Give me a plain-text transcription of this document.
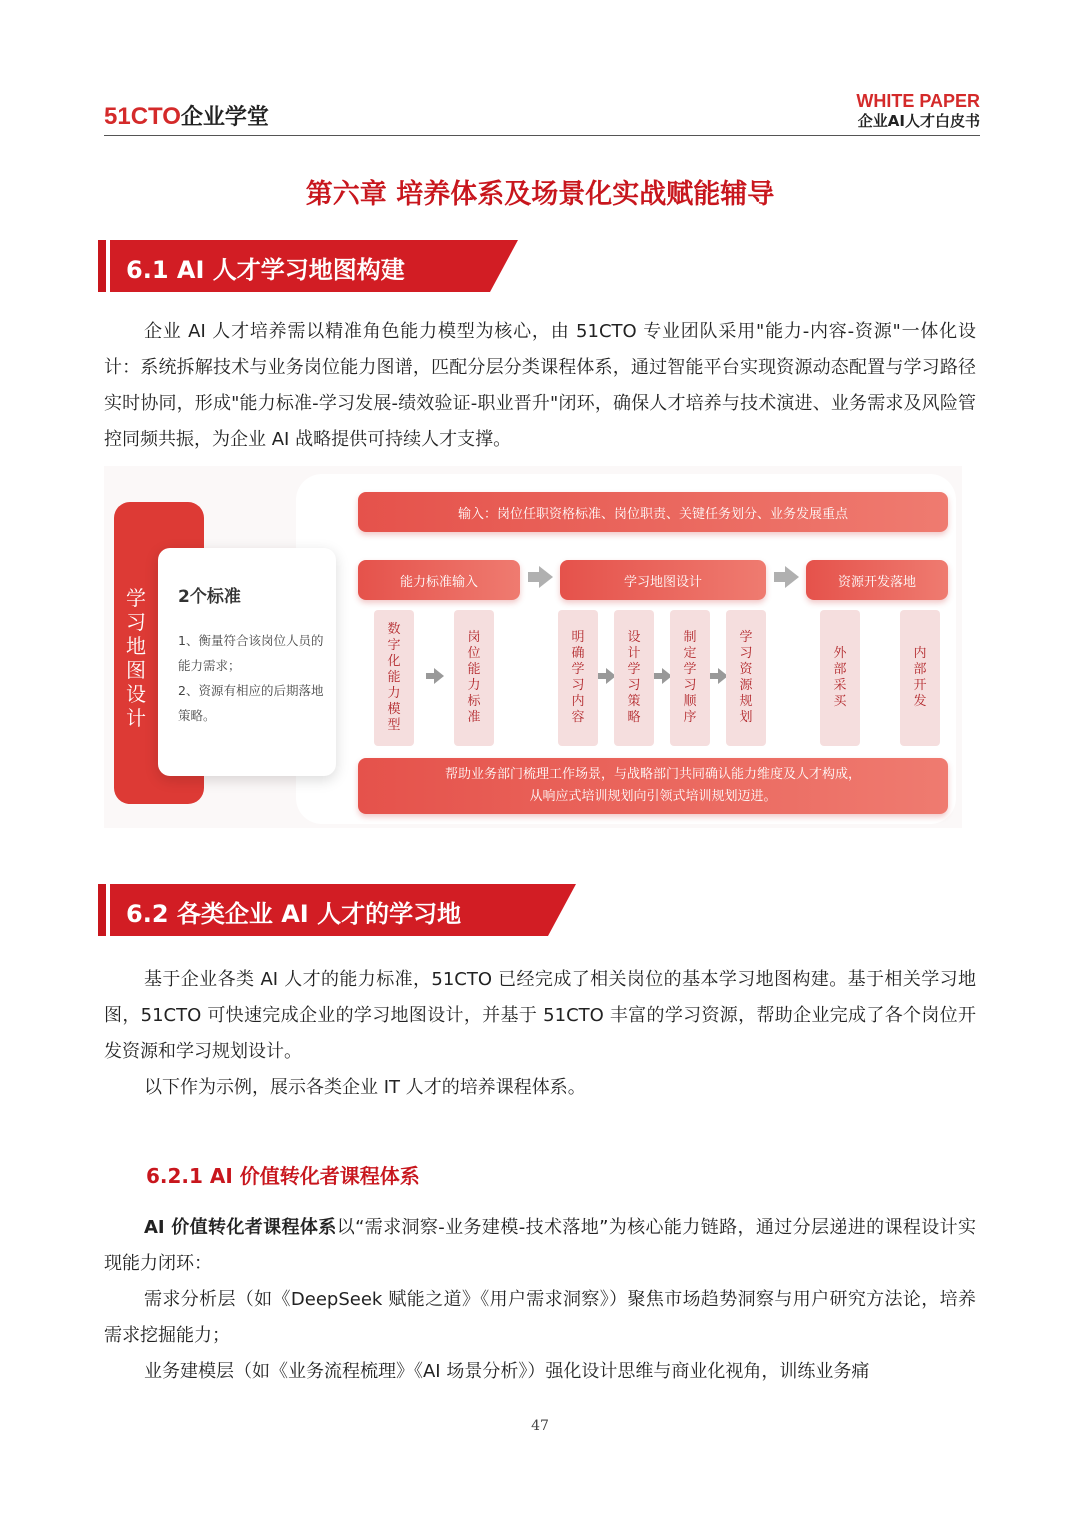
51CTO企业学堂
WHITE PAPER
企业AI人才白皮书
第六章 培养体系及场景化实战赋能辅导
6.1 AI 人才学习地图构建

企业 AI 人才培养需以精准角色能力模型为核心，由 51CTO 专业团队采用"能力-内容-资源"一体化设计：系统拆解技术与业务岗位能力图谱，匹配分层分类课程体系，通过智能平台实现资源动态配置与学习路径实时协同，形成"能力标准-学习发展-绩效验证-职业晋升"闭环，确保人才培养与技术演进、业务需求及风险管控同频共振，为企业 AI 战略提供可持续人才支撑。

学习地图设计
2个标准
1、衡量符合该岗位人员的能力需求；
2、资源有相应的后期落地策略。
输入：岗位任职资格标准、岗位职责、关键任务划分、业务发展重点
能力标准输入	学习地图设计	资源开发落地
数字化能力模型
岗位能力标准
明确学习内容
设计学习策略
制定学习顺序
学习资源规划
外部采买
内部开发
帮助业务部门梳理工作场景，与战略部门共同确认能力维度及人才构成，
从响应式培训规划向引领式培训规划迈进。
6.2 各类企业 AI 人才的学习地

基于企业各类 AI 人才的能力标准，51CTO 已经完成了相关岗位的基本学习地图构建。基于相关学习地图，51CTO 可快速完成企业的学习地图设计，并基于 51CTO 丰富的学习资源，帮助企业完成了各个岗位开发资源和学习规划设计。

以下作为示例，展示各类企业 IT 人才的培养课程体系。

6.2.1 AI 价值转化者课程体系

AI 价值转化者课程体系以“需求洞察-业务建模-技术落地”为核心能力链路，通过分层递进的课程设计实现能力闭环：

需求分析层（如《DeepSeek 赋能之道》《用户需求洞察》）聚焦市场趋势洞察与用户研究方法论，培养需求挖掘能力；

业务建模层（如《业务流程梳理》《AI 场景分析》）强化设计思维与商业化视角，训练业务痛

47
